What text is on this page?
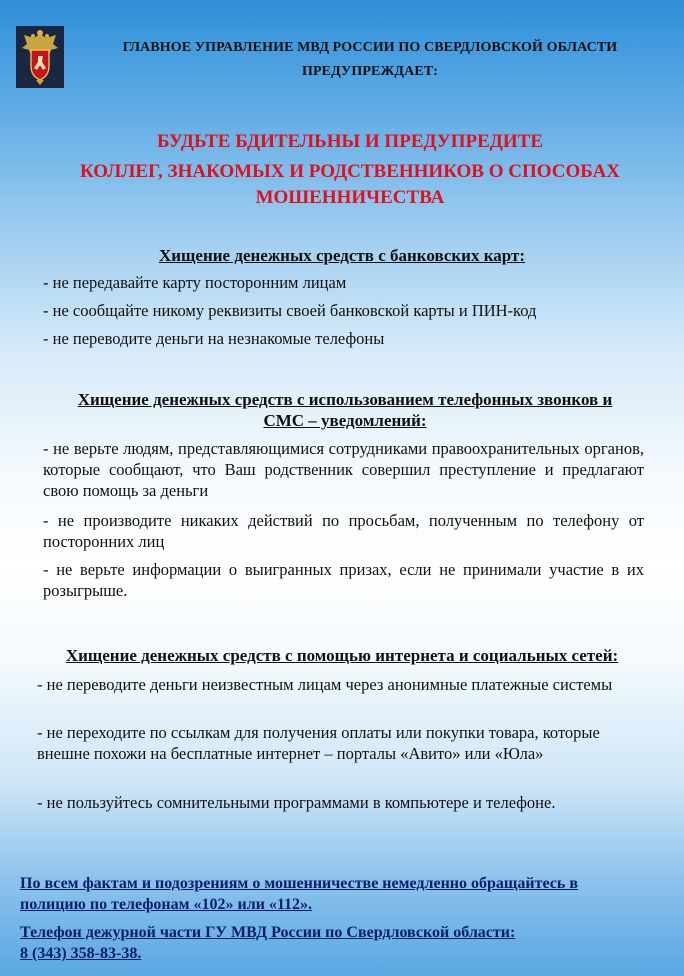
ГЛАВНОЕ УПРАВЛЕНИЕ МВД РОССИИ ПО СВЕРДЛОВСКОЙ ОБЛАСТИ
ПРЕДУПРЕЖДАЕТ:
БУДЬТЕ БДИТЕЛЬНЫ И ПРЕДУПРЕДИТЕ
КОЛЛЕГ, ЗНАКОМЫХ И РОДСТВЕННИКОВ О СПОСОБАХ
МОШЕННИЧЕСТВА
Хищение денежных средств с банковских карт:
- не передавайте карту посторонним лицам
- не сообщайте никому реквизиты своей банковской карты и ПИН-код
- не переводите деньги на незнакомые телефоны
Хищение денежных средств с использованием телефонных звонков и
СМС – уведомлений:
- не верьте людям, представляющимися сотрудниками правоохранительных органов, которые сообщают, что Ваш родственник совершил преступление и предлагают свою помощь за деньги
- не производите никаких действий по просьбам, полученным по телефону от посторонних лиц
- не верьте информации о выигранных призах, если не принимали участие в их розыгрыше.
Хищение денежных средств с помощью интернета и социальных сетей:
- не переводите деньги неизвестным лицам через анонимные платежные системы
- не переходите по ссылкам для получения оплаты или покупки товара, которые внешне похожи на бесплатные интернет – порталы «Авито» или «Юла»
- не пользуйтесь сомнительными программами в компьютере и телефоне.
По всем фактам и подозрениям о мошенничестве немедленно обращайтесь в
полицию по телефонам «102» или «112».
Телефон дежурной части ГУ МВД России по Свердловской области:
8 (343) 358-83-38.
